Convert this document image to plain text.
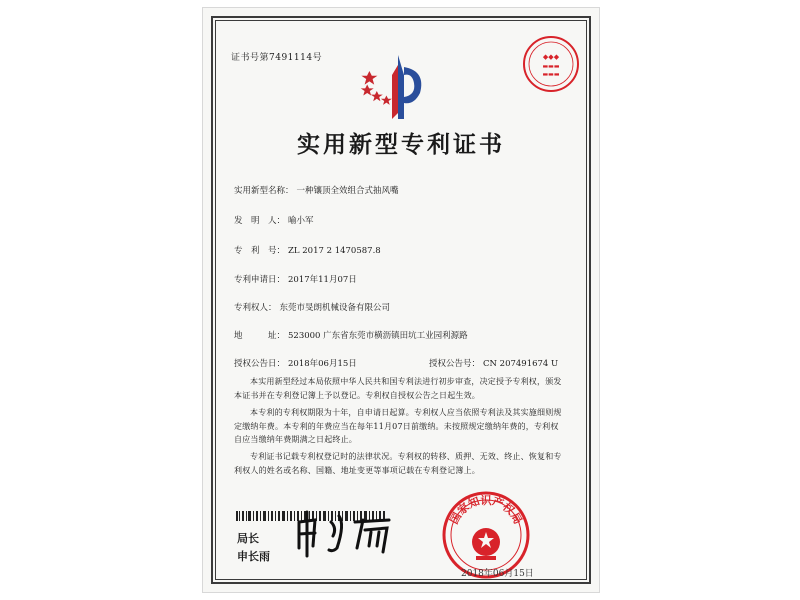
证书号第7491114号	◆◆◆
▬▬▬
▬▬▬
实用新型专利证书
实用新型名称： 一种镶顶全效组合式抽风嘴
发　明　人： 喻小军
专　利　号： ZL 2017 2 1470587.8
专利申请日： 2017年11月07日
专利权人： 东莞市旻朗机械设备有限公司
地　　　址： 523000 广东省东莞市横沥镇田坑工业园利源路
授权公告日： 2018年06月15日	授权公告号： CN 207491674 U
本实用新型经过本局依照中华人民共和国专利法进行初步审查，决定授予专利权，颁发本证书并在专利登记簿上予以登记。专利权自授权公告之日起生效。
本专利的专利权期限为十年，自申请日起算。专利权人应当依照专利法及其实施细则规定缴纳年费。本专利的年费应当在每年11月07日前缴纳。未按照规定缴纳年费的，专利权自应当缴纳年费期满之日起终止。
专利证书记载专利权登记时的法律状况。专利权的转移、质押、无效、终止、恢复和专利权人的姓名或名称、国籍、地址变更等事项记载在专利登记簿上。
局长
申长雨
国家知识产权局
2018年06月15日
